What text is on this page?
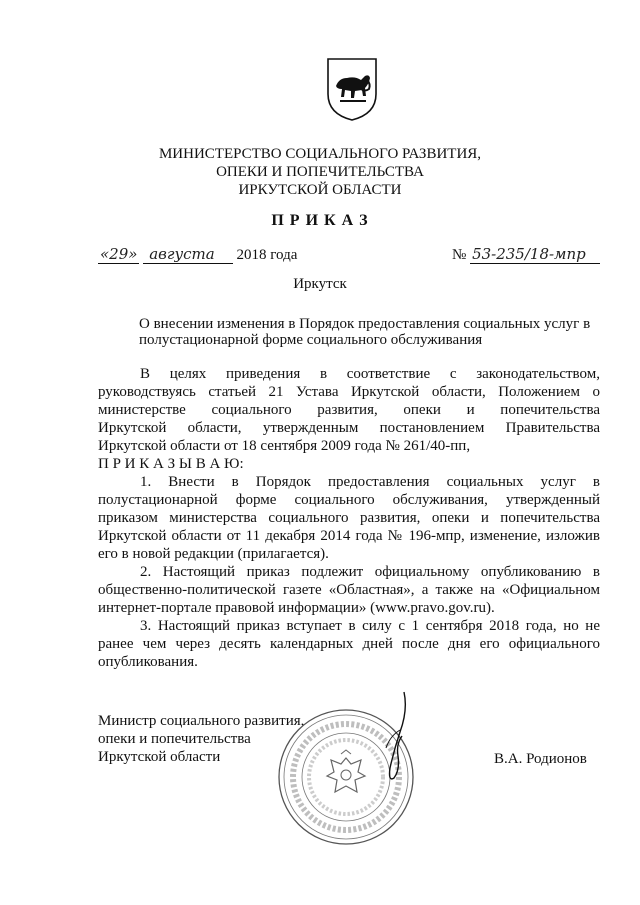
МИНИСТЕРСТВО СОЦИАЛЬНОГО РАЗВИТИЯ,
ОПЕКИ И ПОПЕЧИТЕЛЬСТВА
ИРКУТСКОЙ ОБЛАСТИ
П Р И К А З
«29» августа 2018 года	№ 53-235/18-мпр
Иркутск
О внесении изменения в Порядок предоставления социальных услуг в
полустационарной форме социального обслуживания
В целях приведения в соответствие с законодательством,
руководствуясь статьей 21 Устава Иркутской области, Положением о
министерстве социального развития, опеки и попечительства
Иркутской области, утвержденным постановлением Правительства
Иркутской области от 18 сентября 2009 года № 261/40-пп,
П Р И К А З Ы В А Ю:
1. Внести в Порядок предоставления социальных услуг в
полустационарной форме социального обслуживания, утвержденный
приказом министерства социального развития, опеки и попечительства
Иркутской области от 11 декабря 2014 года № 196-мпр, изменение, изложив
его в новой редакции (прилагается).
2. Настоящий приказ подлежит официальному опубликованию в
общественно-политической газете «Областная», а также на «Официальном
интернет-портале правовой информации» (www.pravo.gov.ru).
3. Настоящий приказ вступает в силу с 1 сентября 2018 года, но не
ранее чем через десять календарных дней после дня его официального
опубликования.
Министр социального развития,
опеки и попечительства
Иркутской области	В.А. Родионов
